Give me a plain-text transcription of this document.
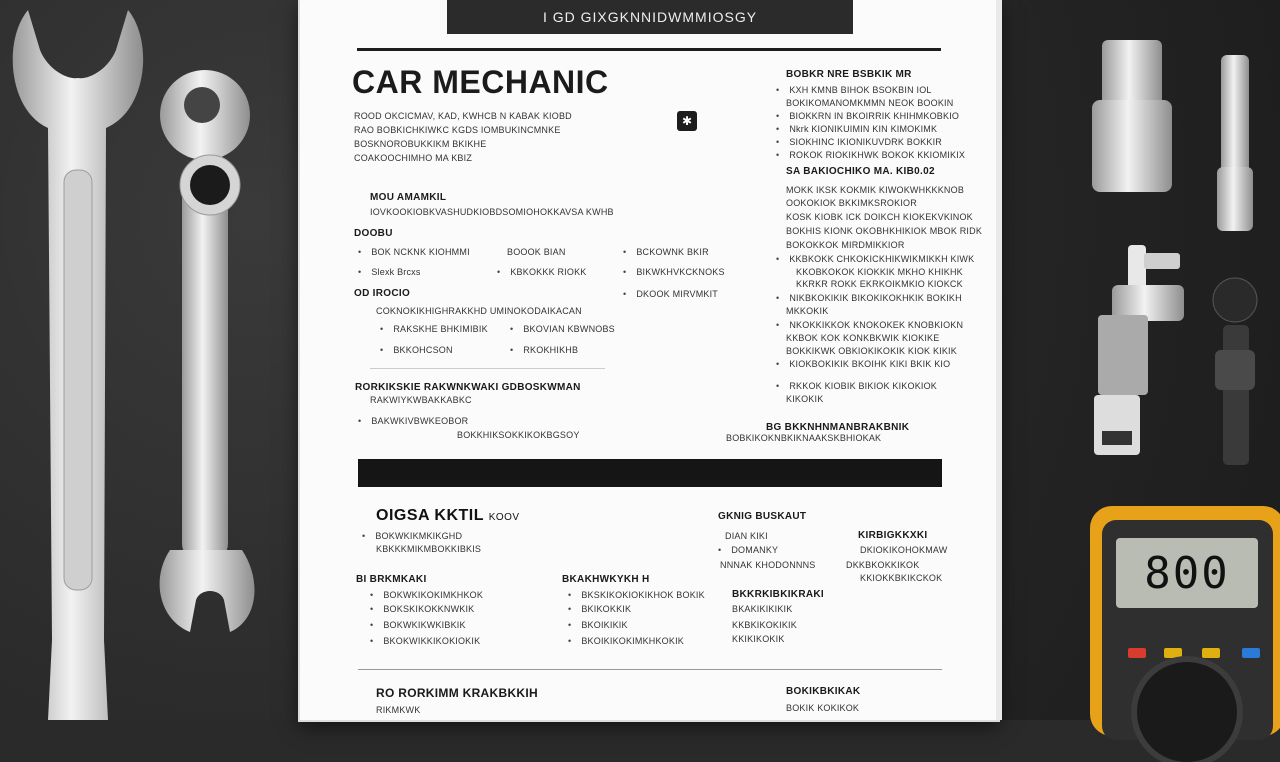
I GD GIXGKNNIDWMMIOSGY
CAR MECHANIC
ROOD OKCICMAV, KAD, KWHCB N KABAK KIOBD
RAO BOBKICHKIWKC KGDS IOMBUKINCMNKE
BOSKNOROBUKKIKM BKIKHE
COAKOOCHIMHO MA KBIZ
✱
MOU AMAMKIL
IOVKOOKIOBKVASHUDKIOBDSOMIOHOKKAVSA KWHB
DOOBU
• BOK NCKNK KIOHMMI
• Slexk Brcxs
BOOOK BIAN
• KBKOKKK RIOKK
• BCKOWNK BKIR
• BIKWKHVKCKNOKS
• DKOOK MIRVMKIT
OD IROCIO
COKNOKIKHIGHRAKKHD UMINOKODAIKACAN
• RAKSKHE BHKIMIBIK
• BKKOHCSON
• BKOVIAN KBWNOBS
• RKOKHIKHB
RORKIKSKIE RAKWNKWAKI GDBOSKWMAN
RAKWIYKWBAKKABKC
• BAKWKIVBWKEOBOR
BOKKHIKSOKKIKOKBGSOY
BOBKR NRE BSBKIK MR
• KXH KMNB BIHOK BSOKBIN IOL
BOKIKOMANOMKMMN NEOK BOOKIN
• BIOKKRN IN BKOIRRIK KHIHMKOBKIO
• Nkrk KIONIKUIMIN KIN KIMOKIMK
• SIOKHINC IKIONIKUVDRK BOKKIR
• ROKOK RIOKIKHWK BOKOK KKIOMIKIX
SA BAKIOCHIKO MA. KIB0.02
MOKK IKSK KOKMIK KIWOKWHKKKNOB
OOKOKIOK BKKIMKSROKIOR
KOSK KIOBK ICK DOIKCH KIOKEKVKINOK
BOKHIS KIONK OKOBHKHIKIOK MBOK RIDK
BOKOKKOK MIRDMIKKIOR
• KKBKOKK CHKOKICKHIKWIKMIKKH KIWK
KKOBKOKOK KIOKKIK MKHO KHIKHK
KKRKR ROKK EKRKOIKMKIO KIOKCK
• NIKBKOKIKIK BIKOKIKOKHKIK BOKIKH
MKKOKIK
• NKOKKIKKOK KNOKOKEK KNOBKIOKN
KKBOK KOK KONKBKWIK KIOKIKE
BOKKIKWK OBKIOKIKOKIK KIOK KIKIK
• KIOKBOKIKIK BKOIHK KIKI BKIK KIO
• RKKOK KIOBIK BIKIOK KIKOKIOK
KIKOKIK
BG BKKNHNMANBRAKBNIK
BOBKIKOKNBKIKNAAKSKBHIOKAK
OIGSA KKTIL KOOV
• BOKWKIKMKIKGHD
KBKKKMIKMBOKKIBKIS
GKNIG BUSKAUT
DIAN KIKI
• DOMANKY
NNNAK KHODONNNS
KIRBIGKKXKI
DKIOKIKOHOKMAW
DKKBKOKKIKOK
KKIOKKBKIKCKOK
BI BRKMKAKI	BKAKHWKYKH H
BKKRKIBKIKRAKI
• BOKWKIKOKIMKHKOK
• BOKSKIKOKKNWKIK
• BOKWKIKWKIBKIK
• BKOKWIKKIKOKIOKIK
• BKSKIKOKIOKIKHOK BOKIK
• BKIKOKKIK
• BKOIKIKIK
• BKOIKIKOKIMKHKOKIK
BKAKIKIKIKIK
KKBKIKOKIKIK
KKIKIKOKIK
RO RORKIMM KRAKBKKIH
RIKMKWK
BOKIKBKIKAK
BOKIK KOKIKOK
800
